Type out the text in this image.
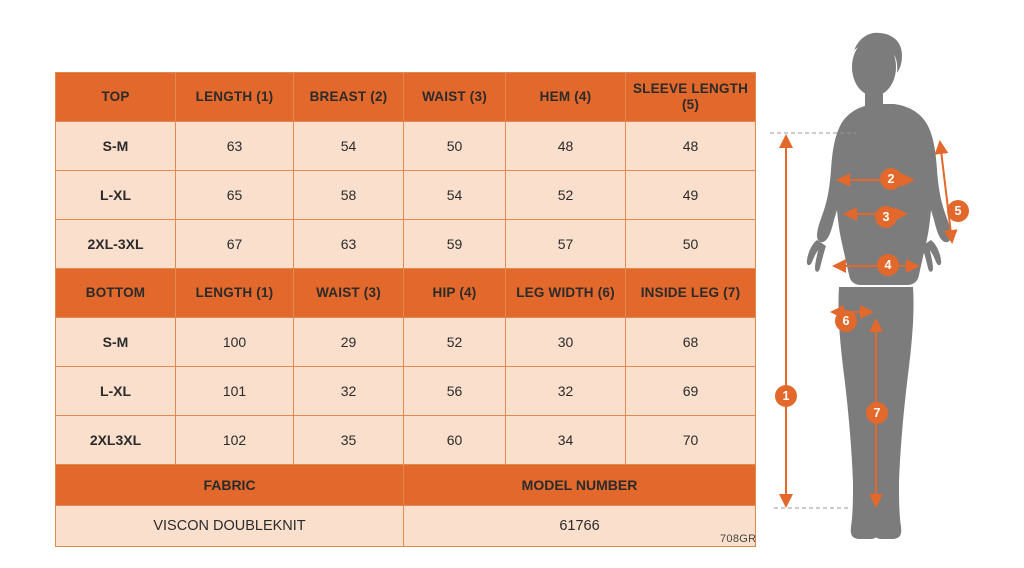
TOP	LENGTH (1)	BREAST (2)	WAIST (3)	HEM (4)	SLEEVE LENGTH (5)
S-M	63	54	50	48	48
L-XL	65	58	54	52	49
2XL-3XL	67	63	59	57	50
BOTTOM	LENGTH (1)	WAIST (3)	HIP (4)	LEG WIDTH (6)	INSIDE LEG (7)
S-M	100	29	52	30	68
L-XL	101	32	56	32	69
2XL3XL	102	35	60	34	70
FABRIC			MODEL NUMBER		
VISCON DOUBLEKNIT			61766		
708GR
1
2
3
4
5
6
7
